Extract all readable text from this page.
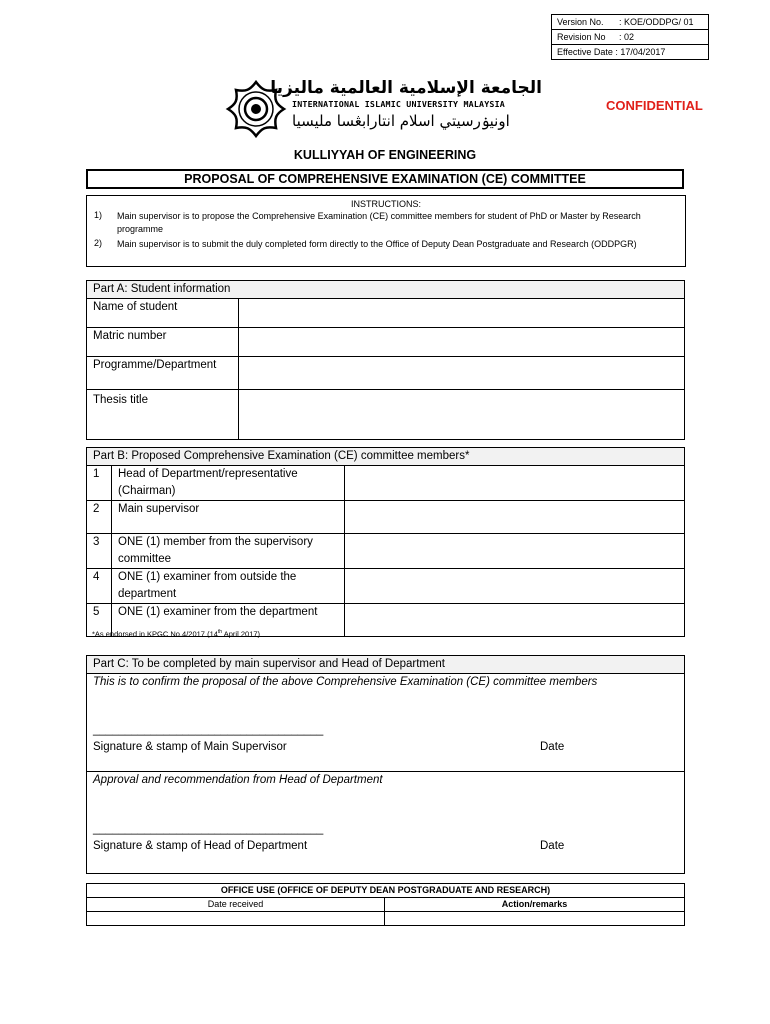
Version No. : KOE/ODDPG/ 01
Revision No : 02
Effective Date : 17/04/2017
الجامعة الإسلامية العالمية ماليزيا
INTERNATIONAL ISLAMIC UNIVERSITY MALAYSIA
اونيۏرسيتي اسلام انتارابڠسا مليسيا
CONFIDENTIAL
KULLIYYAH OF ENGINEERING
PROPOSAL OF COMPREHENSIVE EXAMINATION (CE) COMMITTEE
INSTRUCTIONS:
1) Main supervisor is to propose the Comprehensive Examination (CE) committee members for student of PhD or Master by Research programme
2) Main supervisor is to submit the duly completed form directly to the Office of Deputy Dean Postgraduate and Research (ODDPGR)
Part A: Student information	
Name of student	
Matric number	
Programme/Department	
Thesis title	
Part B: Proposed Comprehensive Examination (CE) committee members*		
1	Head of Department/representative (Chairman)	
2	Main supervisor	
3	ONE (1) member from the supervisory committee	
4	ONE (1) examiner from outside the department	
5	ONE (1) examiner from the department	
*As endorsed in KPGC No.4/2017 (14th April 2017)
Part C: To be completed by main supervisor and Head of Department

This is to confirm the proposal of the above Comprehensive Examination (CE) committee members
____________________________________
Signature & stamp of Main Supervisor	Date

Approval and recommendation from Head of Department
____________________________________
Signature & stamp of Head of Department	Date
OFFICE USE (OFFICE OF DEPUTY DEAN POSTGRADUATE AND RESEARCH)	
Date received	Action/remarks
